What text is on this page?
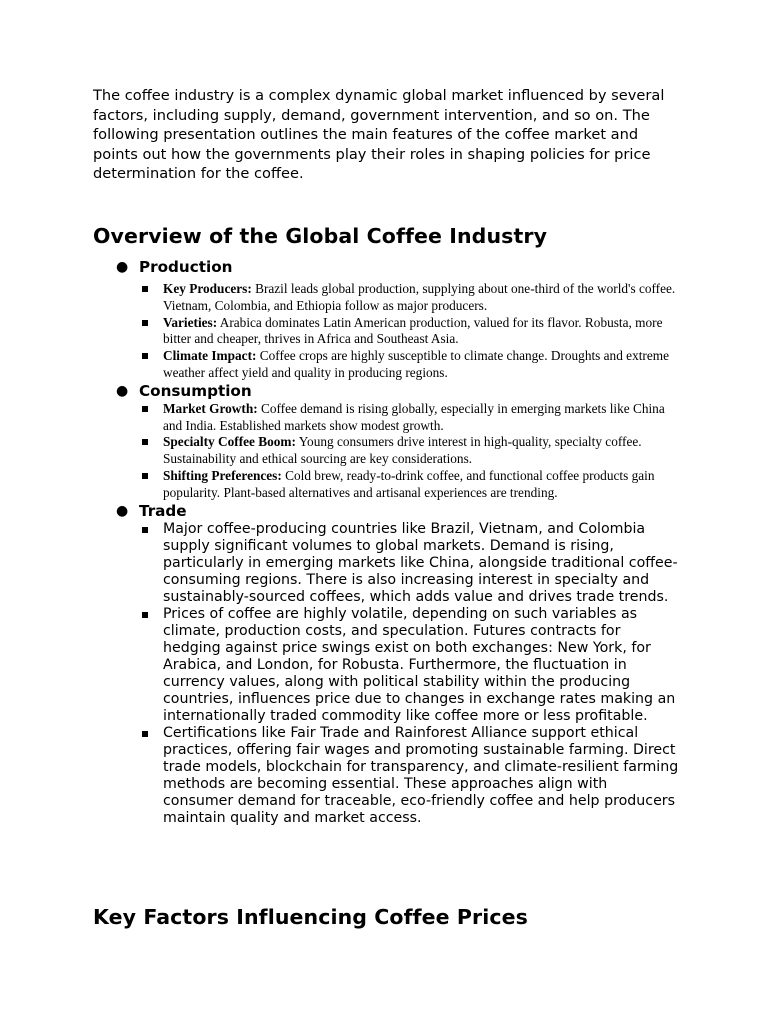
The coffee industry is a complex dynamic global market influenced by several factors, including supply, demand, government intervention, and so on. The following presentation outlines the main features of the coffee market and points out how the governments play their roles in shaping policies for price determination for the coffee.

Overview of the Global Coffee Industry
● Production
Key Producers: Brazil leads global production, supplying about one-third of the world's coffee. Vietnam, Colombia, and Ethiopia follow as major producers.
Varieties: Arabica dominates Latin American production, valued for its flavor. Robusta, more bitter and cheaper, thrives in Africa and Southeast Asia.
Climate Impact: Coffee crops are highly susceptible to climate change. Droughts and extreme weather affect yield and quality in producing regions.
● Consumption
Market Growth: Coffee demand is rising globally, especially in emerging markets like China and India. Established markets show modest growth.
Specialty Coffee Boom: Young consumers drive interest in high-quality, specialty coffee. Sustainability and ethical sourcing are key considerations.
Shifting Preferences: Cold brew, ready-to-drink coffee, and functional coffee products gain popularity. Plant-based alternatives and artisanal experiences are trending.
● Trade
Major coffee-producing countries like Brazil, Vietnam, and Colombia supply significant volumes to global markets. Demand is rising, particularly in emerging markets like China, alongside traditional coffee-consuming regions. There is also increasing interest in specialty and sustainably-sourced coffees, which adds value and drives trade trends.
Prices of coffee are highly volatile, depending on such variables as climate, production costs, and speculation. Futures contracts for hedging against price swings exist on both exchanges: New York, for Arabica, and London, for Robusta. Furthermore, the fluctuation in currency values, along with political stability within the producing countries, influences price due to changes in exchange rates making an internationally traded commodity like coffee more or less profitable.
Certifications like Fair Trade and Rainforest Alliance support ethical practices, offering fair wages and promoting sustainable farming. Direct trade models, blockchain for transparency, and climate-resilient farming methods are becoming essential. These approaches align with consumer demand for traceable, eco-friendly coffee and help producers maintain quality and market access.
Key Factors Influencing Coffee Prices
